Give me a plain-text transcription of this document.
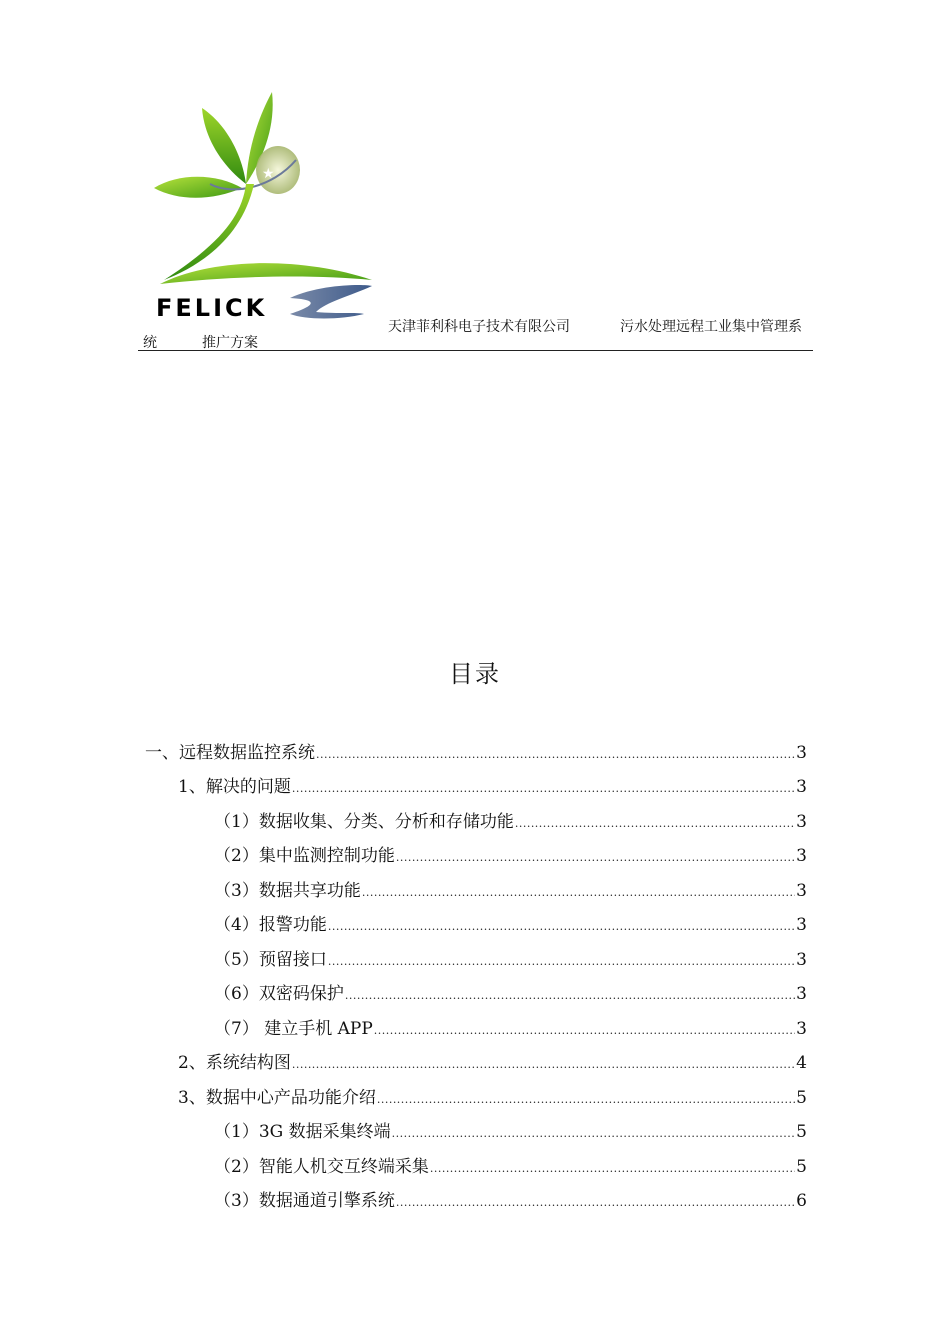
★
FELICK
天津菲利科电子技术有限公司	污水处理远程工业集中管理系
统	推广方案
目录
一、远程数据监控系统 .....	3
1、解决的问题 .....	3
（1）数据收集、分类、分析和存储功能 .....	3
（2）集中监测控制功能 .....	3
（3）数据共享功能 .....	3
（4）报警功能 .....	3
（5）预留接口 .....	3
（6）双密码保护 .....	3
（7） 建立手机 APP .....	3
2、系统结构图 .....	4
3、数据中心产品功能介绍 .....	5
（1）3G 数据采集终端 .....	5
（2）智能人机交互终端采集 .....	5
（3）数据通道引擎系统 .....	6
